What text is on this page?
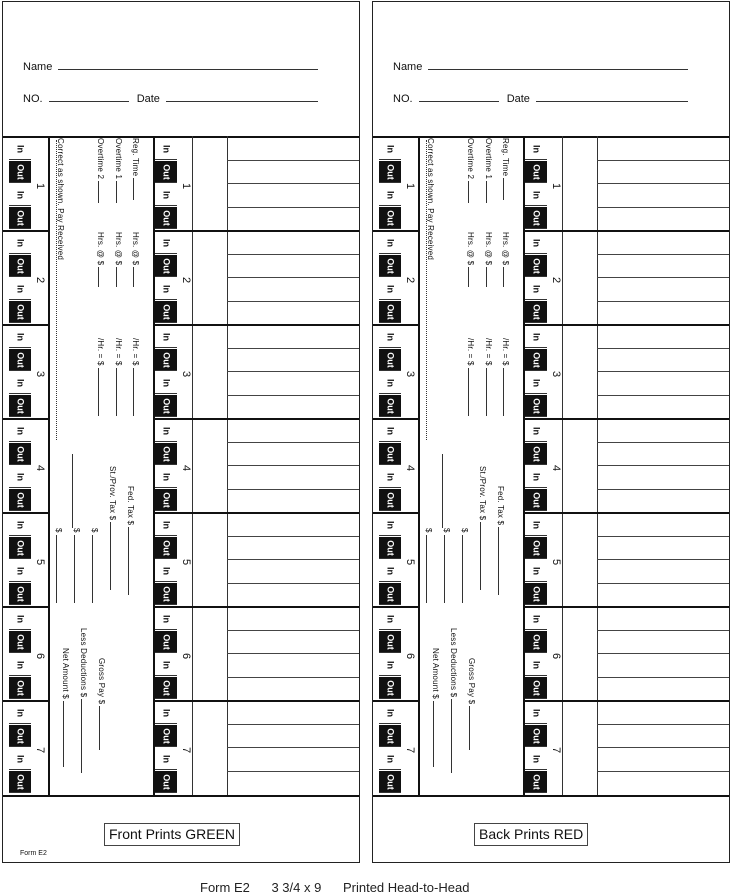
Name
NO.	Date
In
Out
In
Out
In
Out
In
Out
1	1
In
Out
In
Out
In
Out
In
Out
2	2
In
Out
In
Out
In
Out
In
Out
3	3
In
Out
In
Out
In
Out
In
Out
4	4
In
Out
In
Out
In
Out
In
Out
5	5
In
Out
In
Out
In
Out
In
Out
6	6
In
Out
In
Out
In
Out
In
Out
7	7
Correct as shown. Pay Received	Reg. Time
Hrs. @ $
/Hr. = $
Overtime 1
Hrs. @ $
/Hr. = $
Overtime 2
Hrs. @ $
/Hr. = $
Fed. Tax $
St./Prov. Tax $
$
$
$
Gross Pay $
Less Deductions $
Net Amount $
Front Prints GREEN
Form E2
Name
NO.	Date
In
Out
In
Out
In
Out
In
Out
1	1
In
Out
In
Out
In
Out
In
Out
2	2
In
Out
In
Out
In
Out
In
Out
3	3
In
Out
In
Out
In
Out
In
Out
4	4
In
Out
In
Out
In
Out
In
Out
5	5
In
Out
In
Out
In
Out
In
Out
6	6
In
Out
In
Out
In
Out
In
Out
7	7
Correct as shown. Pay Received	Reg. Time
Hrs. @ $
/Hr. = $
Overtime 1
Hrs. @ $
/Hr. = $
Overtime 2
Hrs. @ $
/Hr. = $
Fed. Tax $
St./Prov. Tax $
$
$
$
Gross Pay $
Less Deductions $
Net Amount $
Back Prints RED
Form E2 3 3/4 x 9 Printed Head-to-Head
